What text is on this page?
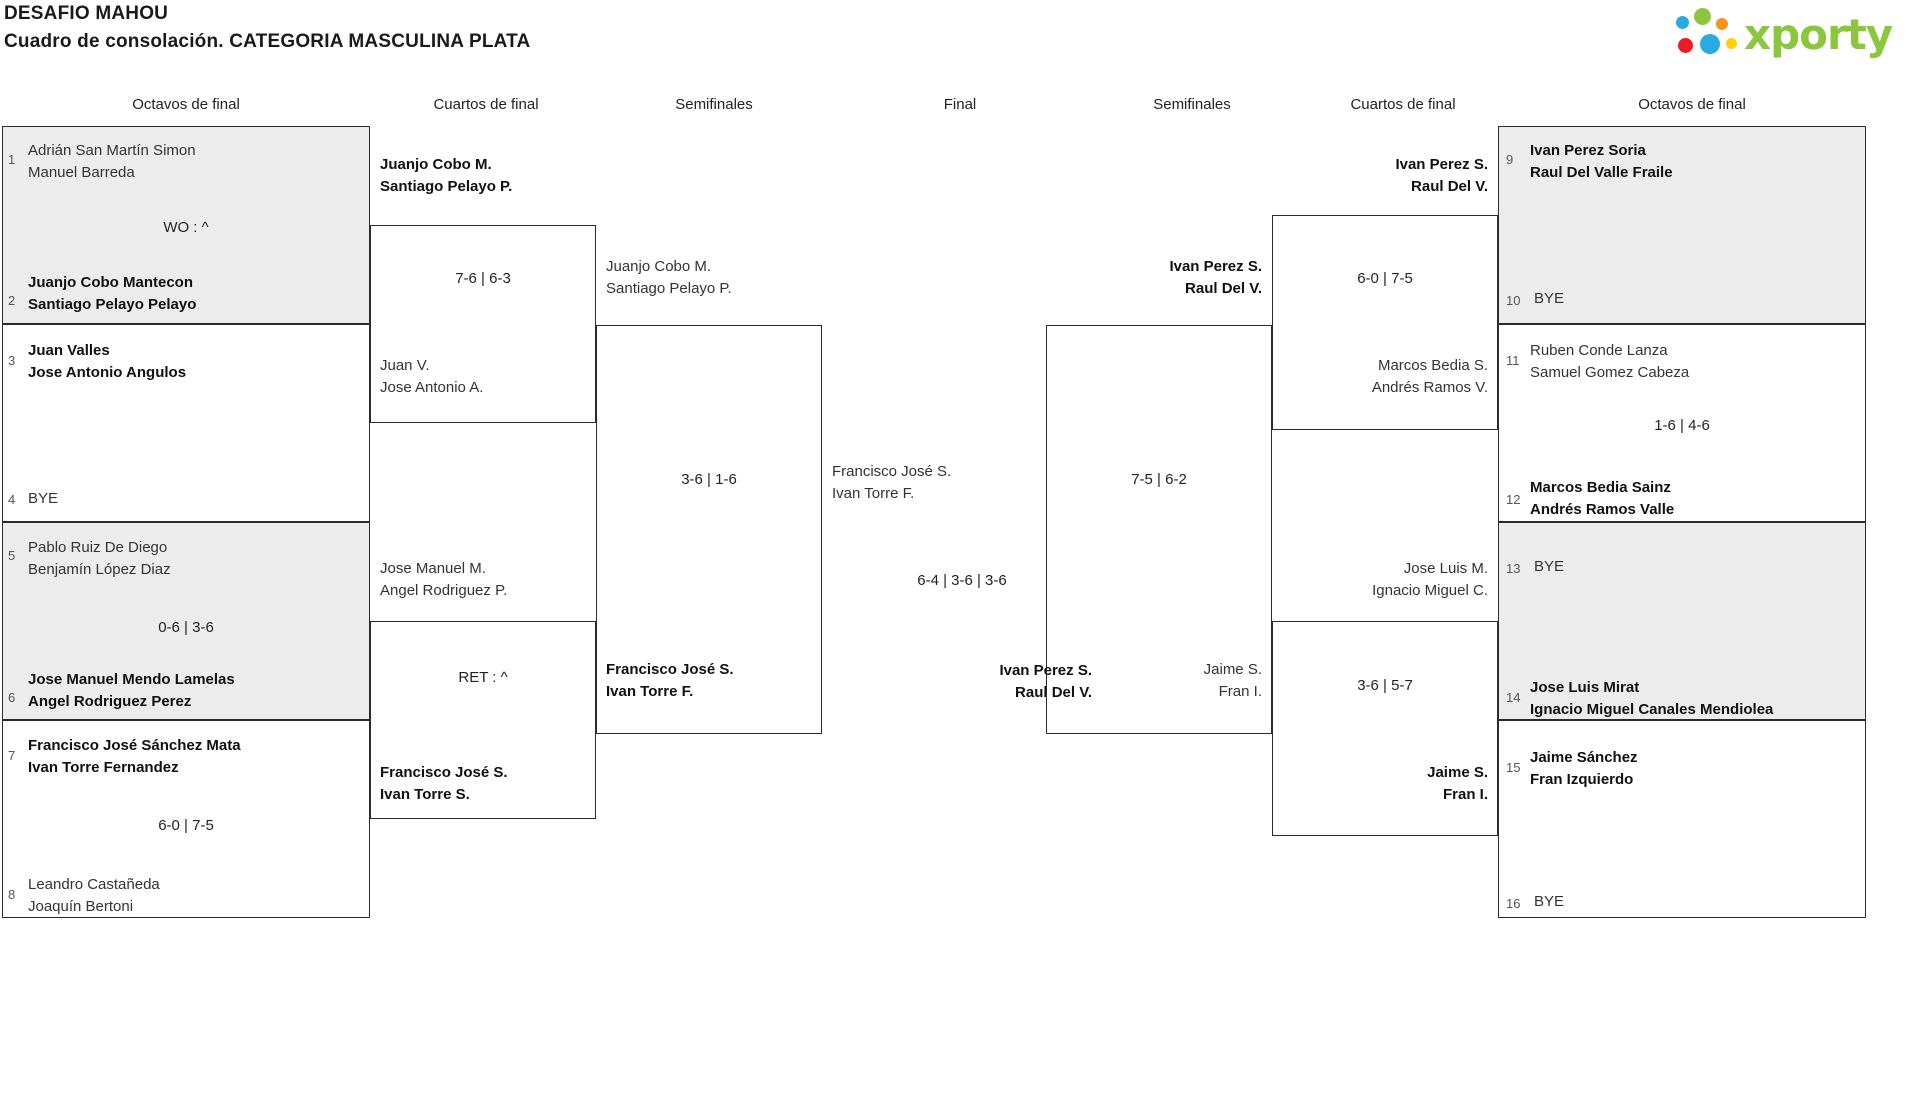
DESAFIO MAHOU
Cuadro de consolación. CATEGORIA MASCULINA PLATA	xporty
Octavos de final	Cuartos de final	Semifinales	Final	Semifinales	Cuartos de final	Octavos de final
1
Adrián San Martín Simon
Manuel Barreda
WO : ^
2
Juanjo Cobo Mantecon
Santiago Pelayo Pelayo
3
Juan Valles
Jose Antonio Angulos
4 BYE
5 Pablo Ruiz De Diego
Benjamín López Diaz
0-6 | 3-6
6
Jose Manuel Mendo Lamelas
Angel Rodriguez Perez
7
Francisco José Sánchez Mata
Ivan Torre Fernandez
6-0 | 7-5
8
Leandro Castañeda
Joaquín Bertoni
Juanjo Cobo M.
Santiago Pelayo P.
7-6 | 6-3
Juan V.
Jose Antonio A.
Jose Manuel M.
Angel Rodriguez P.
RET : ^
Francisco José S.
Ivan Torre S.
Juanjo Cobo M.
Santiago Pelayo P.
3-6 | 1-6
Francisco José S.
Ivan Torre F.
Francisco José S.
Ivan Torre F.
6-4 | 3-6 | 3-6
Ivan Perez S.
Raul Del V.
Ivan Perez S.
Raul Del V.
7-5 | 6-2
Jaime S.
Fran I.
Ivan Perez S.
Raul Del V.
6-0 | 7-5
Marcos Bedia S.
Andrés Ramos V.
Jose Luis M.
Ignacio Miguel C.
3-6 | 5-7
Jaime S.
Fran I.
9
Ivan Perez Soria
Raul Del Valle Fraile
10 BYE
11
Ruben Conde Lanza
Samuel Gomez Cabeza
1-6 | 4-6
12
Marcos Bedia Sainz
Andrés Ramos Valle
13 BYE
14
Jose Luis Mirat
Ignacio Miguel Canales Mendiolea
15
Jaime Sánchez
Fran Izquierdo
16 BYE
